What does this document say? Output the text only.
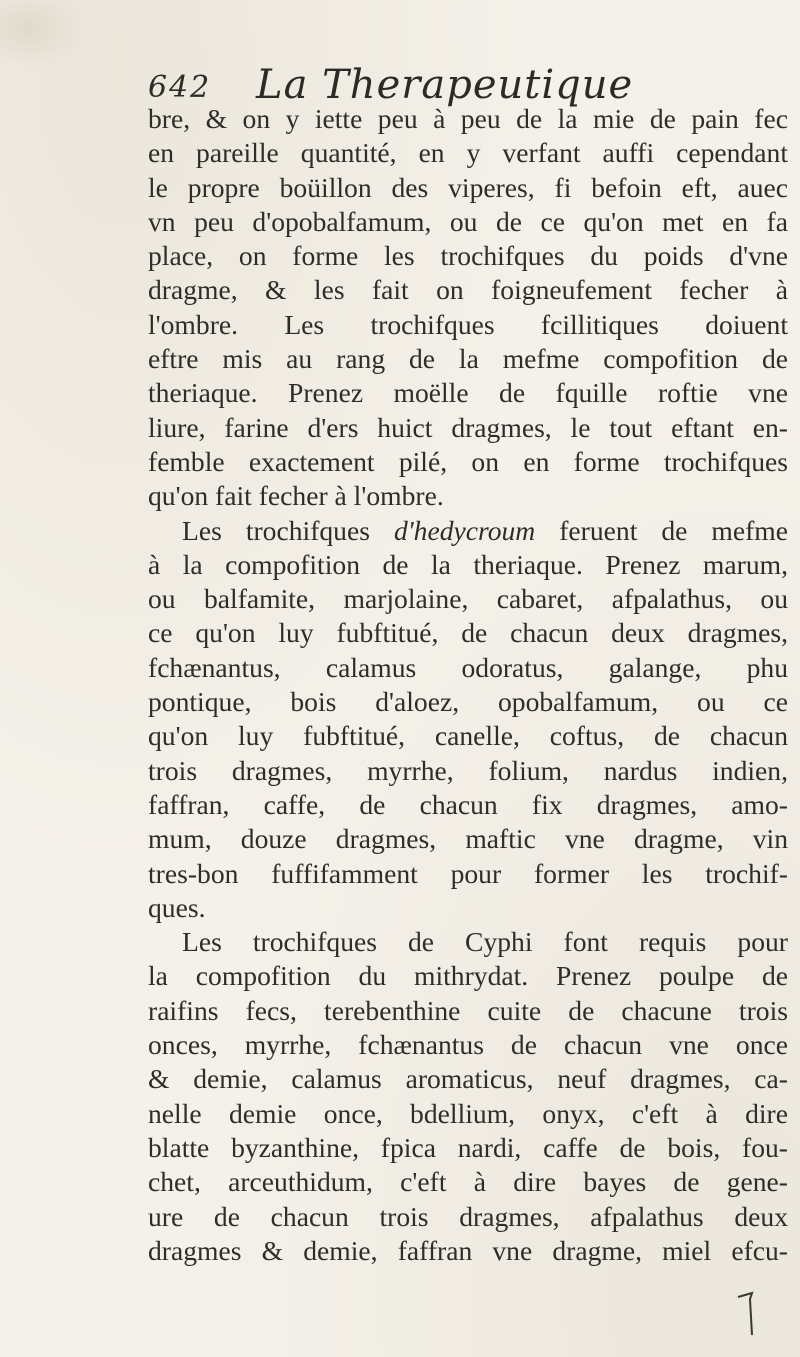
642 La Therapeutique
bre, & on y iette peu à peu de la mie de pain fec
en pareille quantité, en y verfant auffi cependant
le propre boüillon des viperes, fi befoin eft, auec
vn peu d'opobalfamum, ou de ce qu'on met en fa
place, on forme les trochifques du poids d'vne
dragme, & les fait on foigneufement fecher à
l'ombre. Les trochifques fcillitiques doiuent
eftre mis au rang de la mefme compofition de
theriaque. Prenez moëlle de fquille roftie vne
liure, farine d'ers huict dragmes, le tout eftant en-
femble exactement pilé, on en forme trochifques
qu'on fait fecher à l'ombre.
Les trochifques d'hedycroum feruent de mefme
à la compofition de la theriaque. Prenez marum,
ou balfamite, marjolaine, cabaret, afpalathus, ou
ce qu'on luy fubftitué, de chacun deux dragmes,
fchænantus, calamus odoratus, galange, phu
pontique, bois d'aloez, opobalfamum, ou ce
qu'on luy fubftitué, canelle, coftus, de chacun
trois dragmes, myrrhe, folium, nardus indien,
faffran, caffe, de chacun fix dragmes, amo-
mum, douze dragmes, maftic vne dragme, vin
tres-bon fuffifamment pour former les trochif-
ques.
Les trochifques de Cyphi font requis pour
la compofition du mithrydat. Prenez poulpe de
raifins fecs, terebenthine cuite de chacune trois
onces, myrrhe, fchænantus de chacun vne once
& demie, calamus aromaticus, neuf dragmes, ca-
nelle demie once, bdellium, onyx, c'eft à dire
blatte byzanthine, fpica nardi, caffe de bois, fou-
chet, arceuthidum, c'eft à dire bayes de gene-
ure de chacun trois dragmes, afpalathus deux
dragmes & demie, faffran vne dragme, miel efcu-
